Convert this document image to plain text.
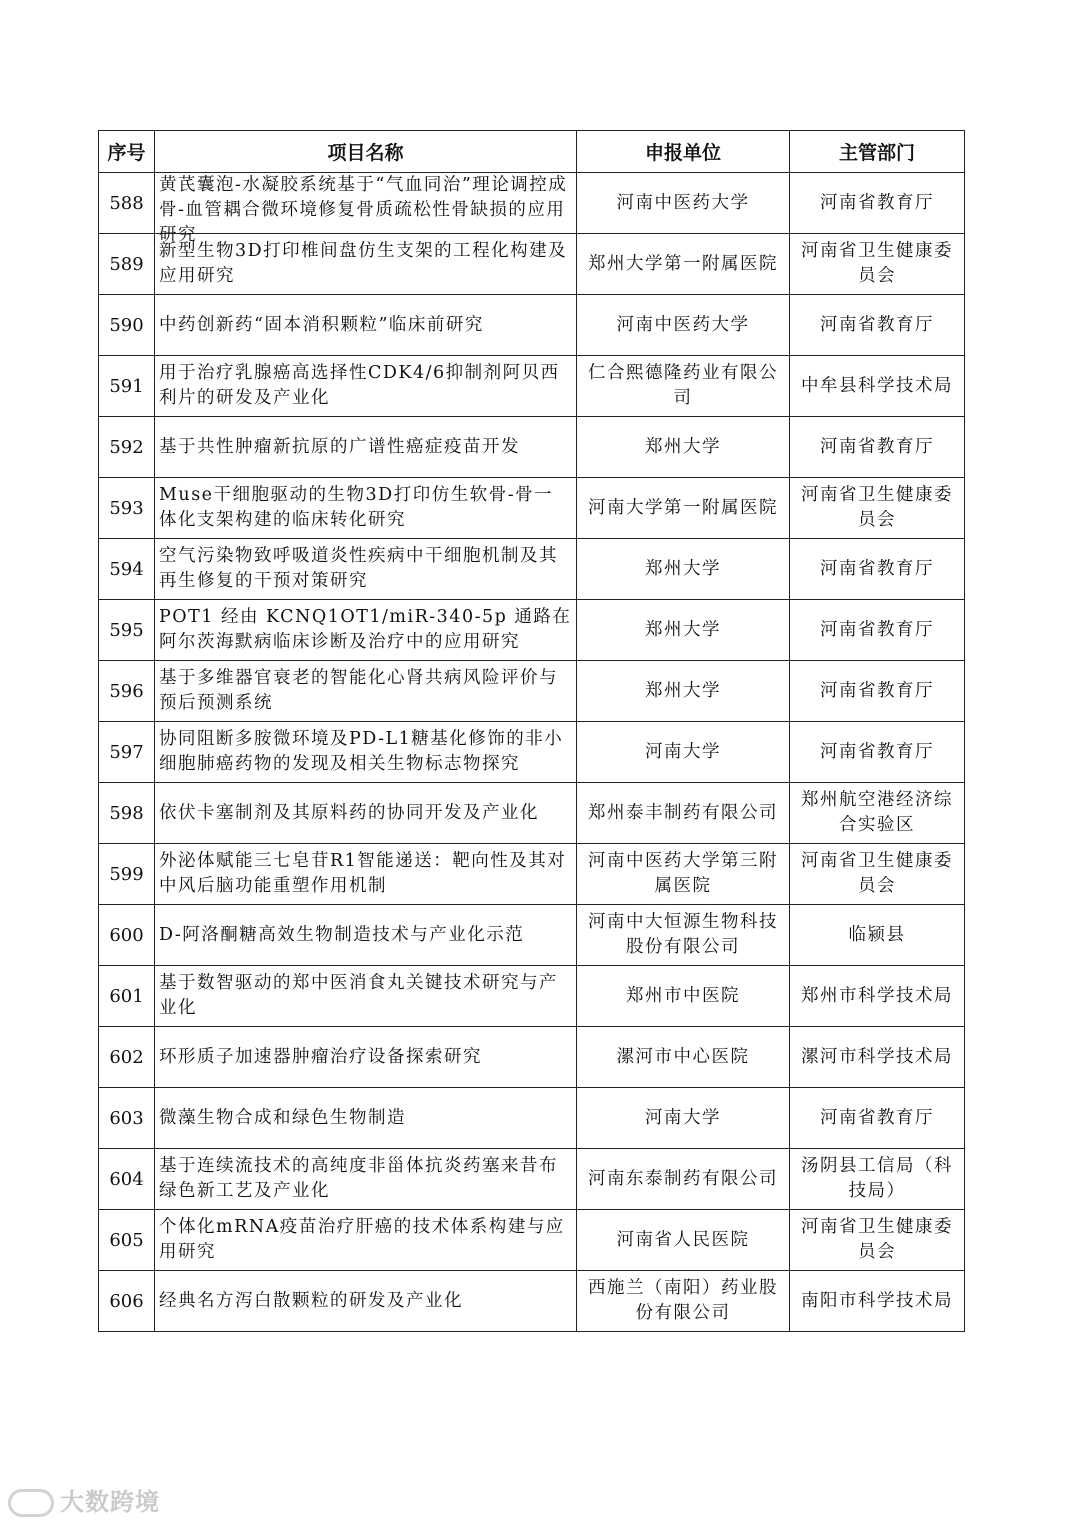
序号	项目名称	申报单位	主管部门

588	黄芪囊泡-水凝胶系统基于“气血同治”理论调控成骨-血管耦合微环境修复骨质疏松性骨缺损的应用研究	河南中医药大学	河南省教育厅

589	新型生物3D打印椎间盘仿生支架的工程化构建及应用研究	郑州大学第一附属医院	河南省卫生健康委员会

590	中药创新药“固本消积颗粒”临床前研究	河南中医药大学	河南省教育厅

591	用于治疗乳腺癌高选择性CDK4/6抑制剂阿贝西利片的研发及产业化	仁合熙德隆药业有限公司	中牟县科学技术局

592	基于共性肿瘤新抗原的广谱性癌症疫苗开发	郑州大学	河南省教育厅

593	Muse干细胞驱动的生物3D打印仿生软骨-骨一体化支架构建的临床转化研究	河南大学第一附属医院	河南省卫生健康委员会

594	空气污染物致呼吸道炎性疾病中干细胞机制及其再生修复的干预对策研究	郑州大学	河南省教育厅

595	POT1 经由 KCNQ1OT1/miR-340-5p 通路在阿尔茨海默病临床诊断及治疗中的应用研究	郑州大学	河南省教育厅

596	基于多维器官衰老的智能化心肾共病风险评价与预后预测系统	郑州大学	河南省教育厅

597	协同阻断多胺微环境及PD-L1糖基化修饰的非小细胞肺癌药物的发现及相关生物标志物探究	河南大学	河南省教育厅

598	依伏卡塞制剂及其原料药的协同开发及产业化	郑州泰丰制药有限公司	郑州航空港经济综合实验区

599	外泌体赋能三七皂苷R1智能递送：靶向性及其对中风后脑功能重塑作用机制	河南中医药大学第三附属医院	河南省卫生健康委员会

600	D-阿洛酮糖高效生物制造技术与产业化示范	河南中大恒源生物科技股份有限公司	临颍县

601	基于数智驱动的郑中医消食丸关键技术研究与产业化	郑州市中医院	郑州市科学技术局

602	环形质子加速器肿瘤治疗设备探索研究	漯河市中心医院	漯河市科学技术局

603	微藻生物合成和绿色生物制造	河南大学	河南省教育厅

604	基于连续流技术的高纯度非甾体抗炎药塞来昔布绿色新工艺及产业化	河南东泰制药有限公司	汤阴县工信局（科技局）

605	个体化mRNA疫苗治疗肝癌的技术体系构建与应用研究	河南省人民医院	河南省卫生健康委员会

606	经典名方泻白散颗粒的研发及产业化	西施兰（南阳）药业股份有限公司	南阳市科学技术局
大数跨境
